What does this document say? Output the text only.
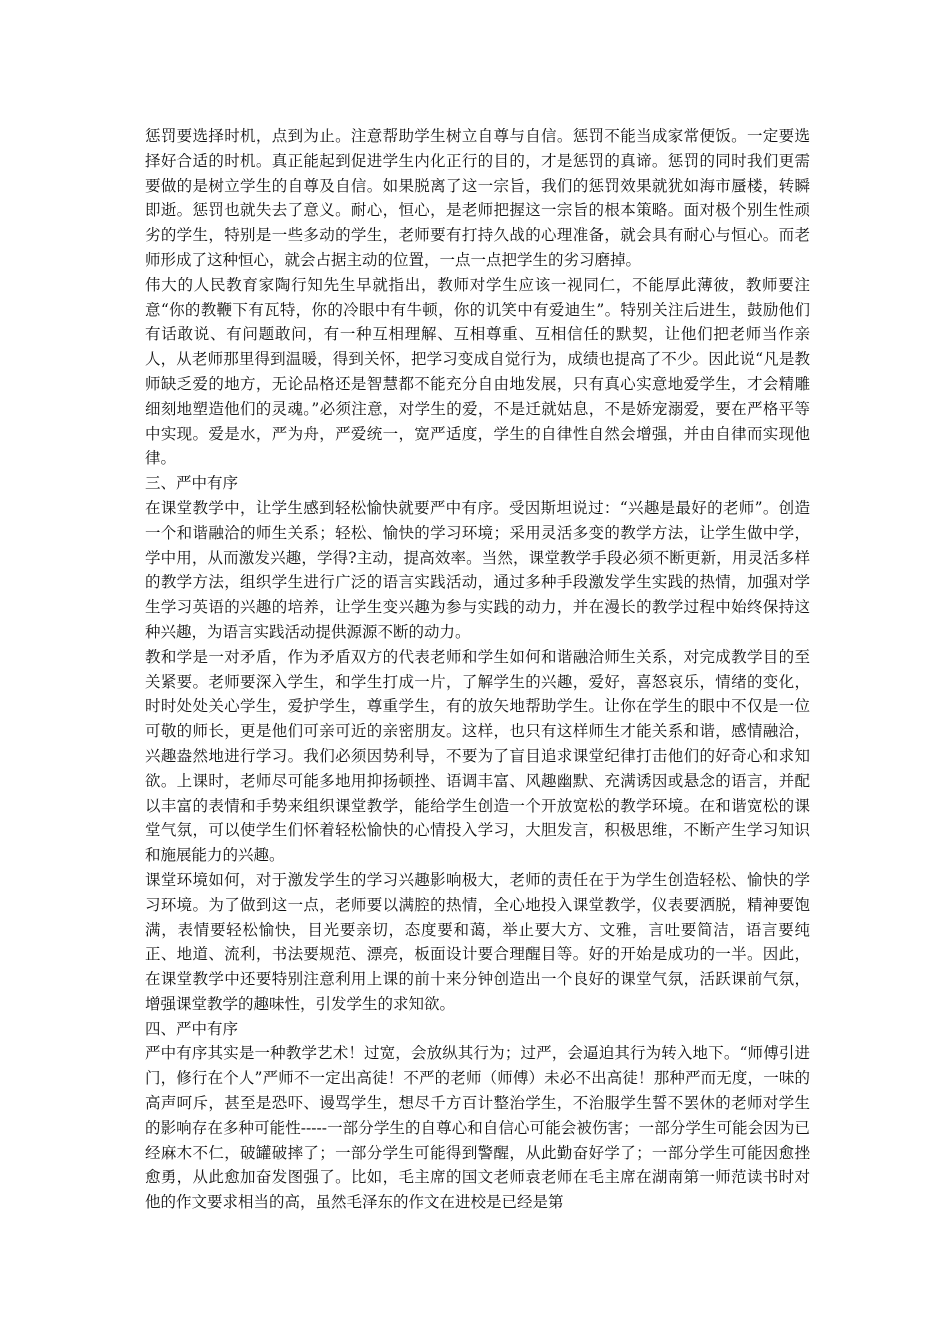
惩罚要选择时机，点到为止。注意帮助学生树立自尊与自信。惩罚不能当成家常便饭。一定要选择好合适的时机。真正能起到促进学生内化正行的目的，才是惩罚的真谛。惩罚的同时我们更需要做的是树立学生的自尊及自信。如果脱离了这一宗旨，我们的惩罚效果就犹如海市蜃楼，转瞬即逝。惩罚也就失去了意义。耐心，恒心，是老师把握这一宗旨的根本策略。面对极个别生性顽劣的学生，特别是一些多动的学生，老师要有打持久战的心理准备，就会具有耐心与恒心。而老师形成了这种恒心，就会占据主动的位置，一点一点把学生的劣习磨掉。

伟大的人民教育家陶行知先生早就指出，教师对学生应该一视同仁，不能厚此薄彼，教师要注意“你的教鞭下有瓦特，你的冷眼中有牛顿，你的讥笑中有爱迪生”。特别关注后进生，鼓励他们有话敢说、有问题敢问，有一种互相理解、互相尊重、互相信任的默契，让他们把老师当作亲人，从老师那里得到温暖，得到关怀，把学习变成自觉行为，成绩也提高了不少。因此说“凡是教师缺乏爱的地方，无论品格还是智慧都不能充分自由地发展，只有真心实意地爱学生，才会精雕细刻地塑造他们的灵魂。”必须注意，对学生的爱，不是迁就姑息，不是娇宠溺爱，要在严格平等中实现。爱是水，严为舟，严爱统一，宽严适度，学生的自律性自然会增强，并由自律而实现他律。

三、严中有序

在课堂教学中，让学生感到轻松愉快就要严中有序。受因斯坦说过：“兴趣是最好的老师”。创造一个和谐融洽的师生关系；轻松、愉快的学习环境；采用灵活多变的教学方法，让学生做中学，学中用，从而激发兴趣，学得?主动，提高效率。当然，课堂教学手段必须不断更新，用灵活多样的教学方法，组织学生进行广泛的语言实践活动，通过多种手段激发学生实践的热情，加强对学生学习英语的兴趣的培养，让学生变兴趣为参与实践的动力，并在漫长的教学过程中始终保持这种兴趣，为语言实践活动提供源源不断的动力。

教和学是一对矛盾，作为矛盾双方的代表老师和学生如何和谐融洽师生关系，对完成教学目的至关紧要。老师要深入学生，和学生打成一片，了解学生的兴趣，爱好，喜怒哀乐，情绪的变化，时时处处关心学生，爱护学生，尊重学生，有的放矢地帮助学生。让你在学生的眼中不仅是一位可敬的师长，更是他们可亲可近的亲密朋友。这样，也只有这样师生才能关系和谐，感情融洽，兴趣盎然地进行学习。我们必须因势利导，不要为了盲目追求课堂纪律打击他们的好奇心和求知欲。上课时，老师尽可能多地用抑扬顿挫、语调丰富、风趣幽默、充满诱因或悬念的语言，并配以丰富的表情和手势来组织课堂教学，能给学生创造一个开放宽松的教学环境。在和谐宽松的课堂气氛，可以使学生们怀着轻松愉快的心情投入学习，大胆发言，积极思维，不断产生学习知识和施展能力的兴趣。

课堂环境如何，对于激发学生的学习兴趣影响极大，老师的责任在于为学生创造轻松、愉快的学习环境。为了做到这一点，老师要以满腔的热情，全心地投入课堂教学，仪表要洒脱，精神要饱满，表情要轻松愉快，目光要亲切，态度要和蔼，举止要大方、文雅，言吐要简洁，语言要纯正、地道、流利，书法要规范、漂亮，板面设计要合理醒目等。好的开始是成功的一半。因此，在课堂教学中还要特别注意利用上课的前十来分钟创造出一个良好的课堂气氛，活跃课前气氛，增强课堂教学的趣味性，引发学生的求知欲。

四、严中有序

严中有序其实是一种教学艺术！过宽，会放纵其行为；过严，会逼迫其行为转入地下。“师傅引进门，修行在个人”严师不一定出高徒！不严的老师（师傅）未必不出高徒！那种严而无度，一味的高声呵斥，甚至是恐吓、谩骂学生，想尽千方百计整治学生，不治服学生誓不罢休的老师对学生的影响存在多种可能性-----一部分学生的自尊心和自信心可能会被伤害；一部分学生可能会因为已经麻木不仁，破罐破摔了；一部分学生可能得到警醒，从此勤奋好学了；一部分学生可能因愈挫愈勇，从此愈加奋发图强了。比如，毛主席的国文老师袁老师在毛主席在湖南第一师范读书时对他的作文要求相当的高，虽然毛泽东的作文在进校是已经是第
